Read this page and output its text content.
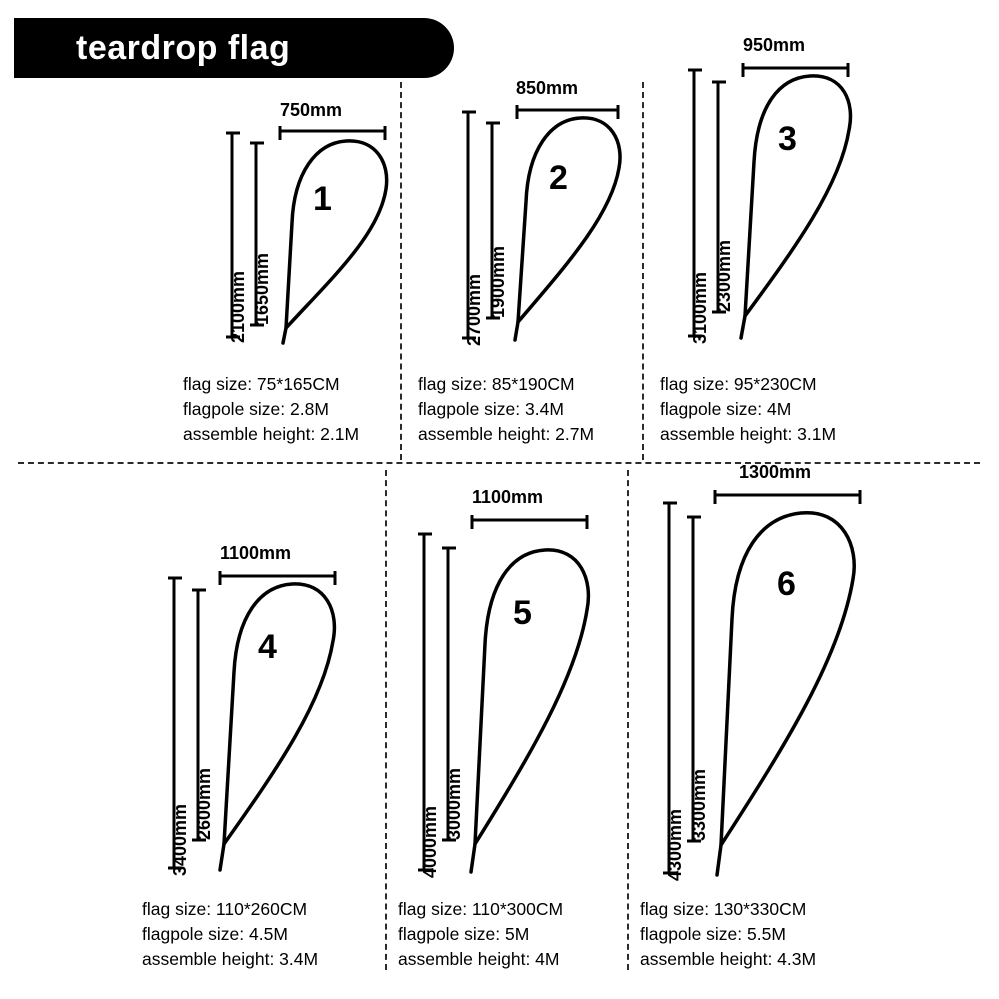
teardrop flag
750mm
1650mm
2100mm
1
flag size: 75*165CM
flagpole size: 2.8M
assemble height: 2.1M
850mm
1900mm
2700mm
2
flag size: 85*190CM
flagpole size: 3.4M
assemble height: 2.7M
950mm
2300mm
3100mm
3
flag size: 95*230CM
flagpole size: 4M
assemble height: 3.1M
1100mm
2600mm
3400mm
4
flag size: 110*260CM
flagpole size: 4.5M
assemble height: 3.4M
1100mm
3000mm
4000mm
5
flag size: 110*300CM
flagpole size: 5M
assemble height: 4M
1300mm
3300mm
4300mm
6
flag size: 130*330CM
flagpole size: 5.5M
assemble height: 4.3M
